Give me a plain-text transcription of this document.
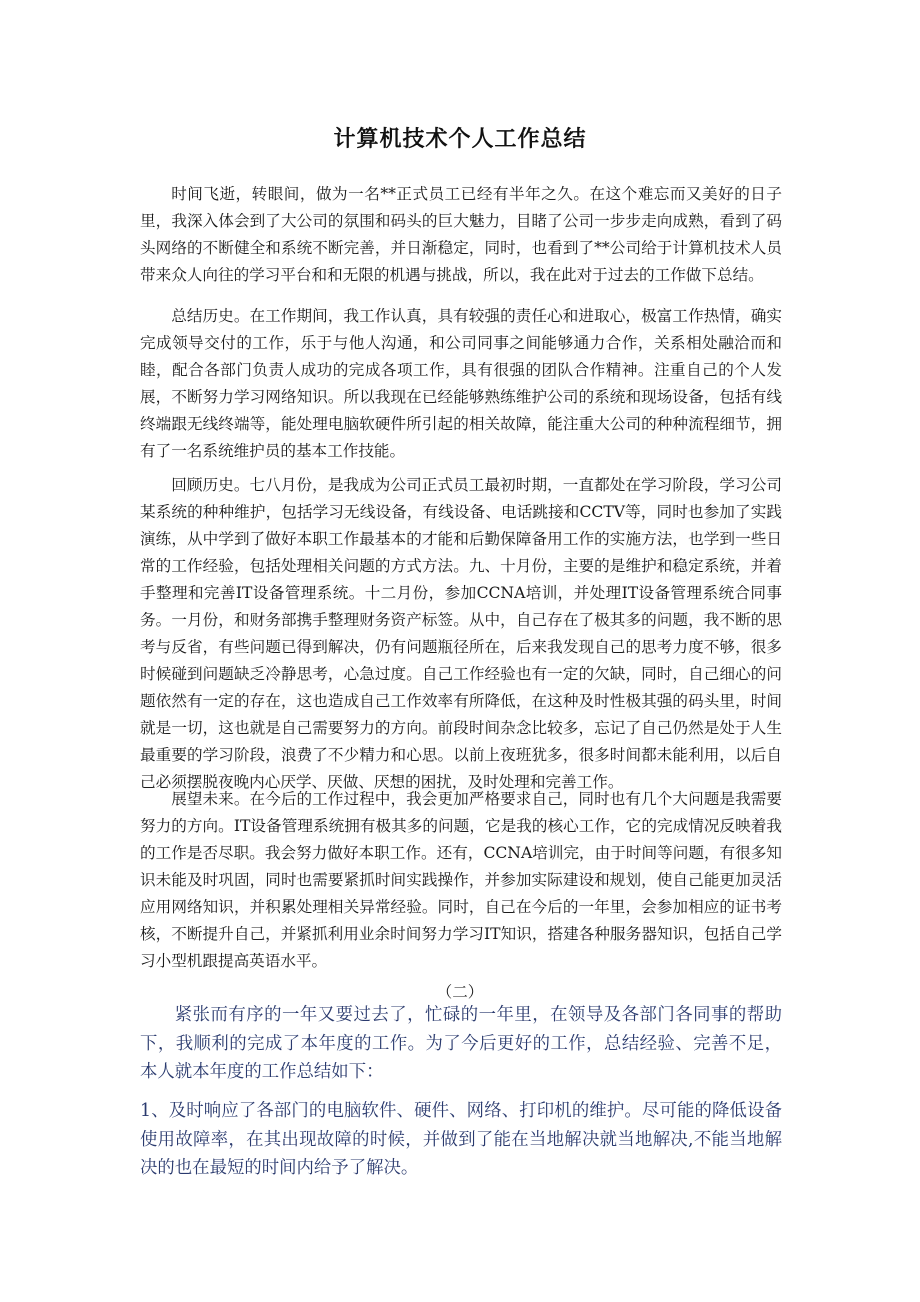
计算机技术个人工作总结

时间飞逝，转眼间，做为一名**正式员工已经有半年之久。在这个难忘而又美好的日子里，我深入体会到了大公司的氛围和码头的巨大魅力，目睹了公司一步步走向成熟，看到了码头网络的不断健全和系统不断完善，并日渐稳定，同时，也看到了**公司给于计算机技术人员带来众人向往的学习平台和和无限的机遇与挑战，所以，我在此对于过去的工作做下总结。

总结历史。在工作期间，我工作认真，具有较强的责任心和进取心，极富工作热情，确实完成领导交付的工作，乐于与他人沟通，和公司同事之间能够通力合作，关系相处融洽而和睦，配合各部门负责人成功的完成各项工作，具有很强的团队合作精神。注重自己的个人发展，不断努力学习网络知识。所以我现在已经能够熟练维护公司的系统和现场设备，包括有线终端跟无线终端等，能处理电脑软硬件所引起的相关故障，能注重大公司的种种流程细节，拥有了一名系统维护员的基本工作技能。

回顾历史。七八月份，是我成为公司正式员工最初时期，一直都处在学习阶段，学习公司某系统的种种维护，包括学习无线设备，有线设备、电话跳接和CCTV等，同时也参加了实践演练，从中学到了做好本职工作最基本的才能和后勤保障备用工作的实施方法，也学到一些日常的工作经验，包括处理相关问题的方式方法。九、十月份，主要的是维护和稳定系统，并着手整理和完善IT设备管理系统。十二月份，参加CCNA培训，并处理IT设备管理系统合同事务。一月份，和财务部携手整理财务资产标签。从中，自己存在了极其多的问题，我不断的思考与反省，有些问题已得到解决，仍有问题瓶径所在，后来我发现自己的思考力度不够，很多时候碰到问题缺乏冷静思考，心急过度。自己工作经验也有一定的欠缺，同时，自己细心的问题依然有一定的存在，这也造成自己工作效率有所降低，在这种及时性极其强的码头里，时间就是一切，这也就是自己需要努力的方向。前段时间杂念比较多，忘记了自己仍然是处于人生最重要的学习阶段，浪费了不少精力和心思。以前上夜班犹多，很多时间都未能利用，以后自己必须摆脱夜晚内心厌学、厌做、厌想的困扰，及时处理和完善工作。

展望未来。在今后的工作过程中，我会更加严格要求自己，同时也有几个大问题是我需要努力的方向。IT设备管理系统拥有极其多的问题，它是我的核心工作，它的完成情况反映着我的工作是否尽职。我会努力做好本职工作。还有，CCNA培训完，由于时间等问题，有很多知识未能及时巩固，同时也需要紧抓时间实践操作，并参加实际建设和规划，使自己能更加灵活应用网络知识，并积累处理相关异常经验。同时，自己在今后的一年里，会参加相应的证书考核，不断提升自己，并紧抓利用业余时间努力学习IT知识，搭建各种服务器知识，包括自己学习小型机跟提高英语水平。

（二）

紧张而有序的一年又要过去了，忙碌的一年里，在领导及各部门各同事的帮助下，我顺利的完成了本年度的工作。为了今后更好的工作，总结经验、完善不足，本人就本年度的工作总结如下：

1、及时响应了各部门的电脑软件、硬件、网络、打印机的维护。尽可能的降低设备使用故障率，在其出现故障的时候，并做到了能在当地解决就当地解决,不能当地解决的也在最短的时间内给予了解决。
